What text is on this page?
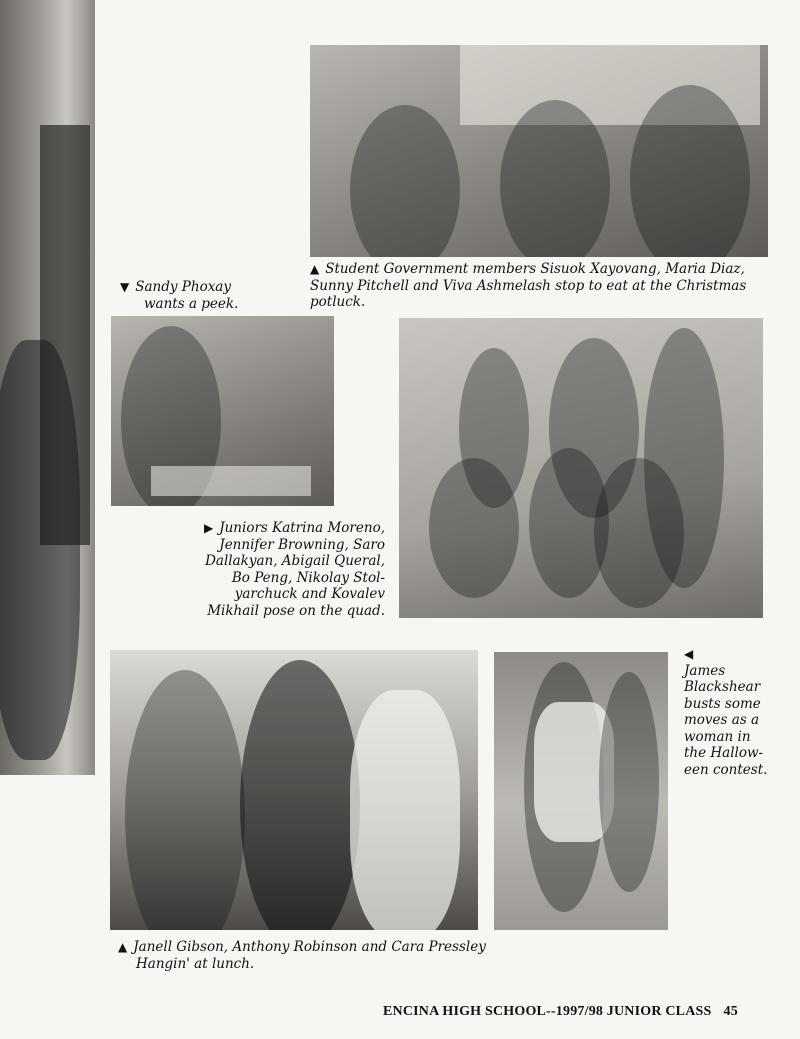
▲ Student Government members Sisuok Xayovang, Maria Diaz, Sunny Pitchell and Viva Ashmelash stop to eat at the Christmas potluck.
▼ Sandy Phoxay
wants a peek.
▶ Juniors Katrina Moreno,
Jennifer Browning, Saro
Dallakyan, Abigail Queral,
Bo Peng, Nikolay Stol-
yarchuck and Kovalev
Mikhail pose on the quad.
▲ Janell Gibson, Anthony Robinson and Cara Pressley
Hangin' at lunch.
◀
James
Blackshear
busts some
moves as a
woman in
the Hallow-
een contest.
ENCINA HIGH SCHOOL--1997/98 JUNIOR CLASS 45
